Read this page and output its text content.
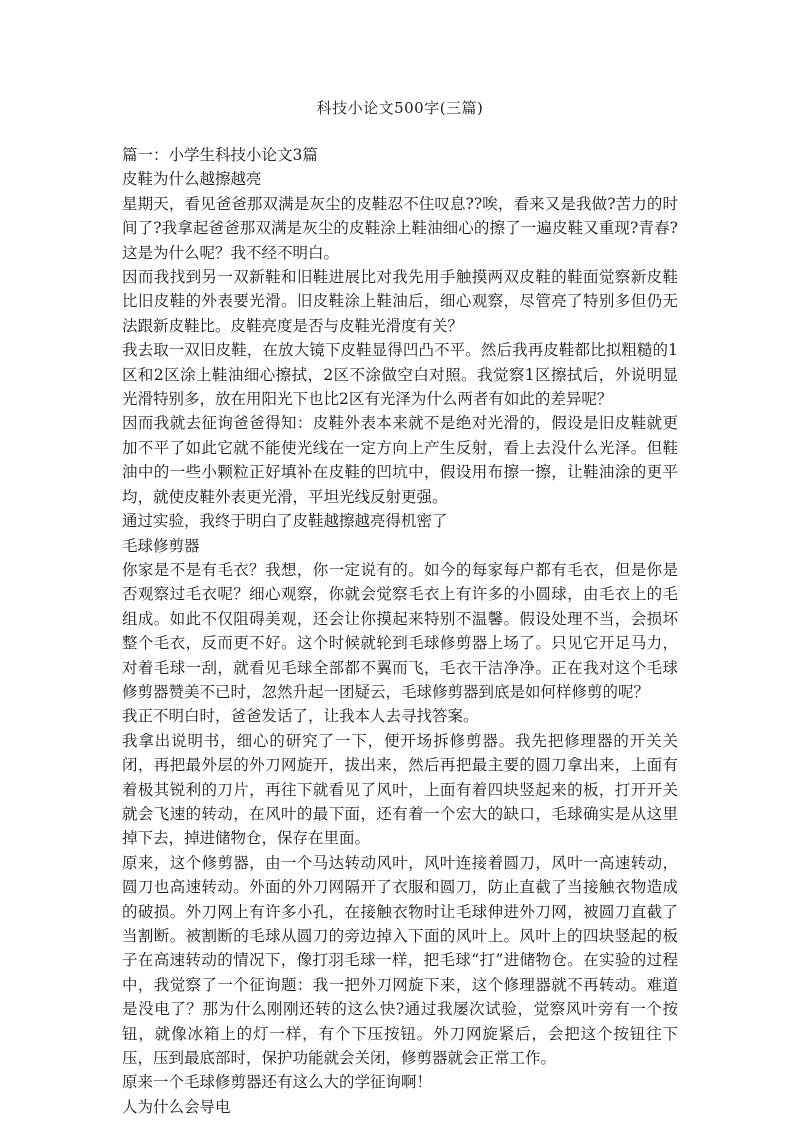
科技小论文500字(三篇)

篇一：小学生科技小论文3篇

皮鞋为什么越擦越亮

星期天，看见爸爸那双满是灰尘的皮鞋忍不住叹息??唉，看来又是我做?苦力的时间了?我拿起爸爸那双满是灰尘的皮鞋涂上鞋油细心的擦了一遍皮鞋又重现?青春?这是为什么呢？我不经不明白。

因而我找到另一双新鞋和旧鞋进展比对我先用手触摸两双皮鞋的鞋面觉察新皮鞋比旧皮鞋的外表要光滑。旧皮鞋涂上鞋油后，细心观察，尽管亮了特别多但仍无法跟新皮鞋比。皮鞋亮度是否与皮鞋光滑度有关？

我去取一双旧皮鞋，在放大镜下皮鞋显得凹凸不平。然后我再皮鞋都比拟粗糙的1区和2区涂上鞋油细心擦拭，2区不涂做空白对照。我觉察1区擦拭后，外说明显光滑特别多，放在用阳光下也比2区有光泽为什么两者有如此的差异呢？

因而我就去征询爸爸得知：皮鞋外表本来就不是绝对光滑的，假设是旧皮鞋就更加不平了如此它就不能使光线在一定方向上产生反射，看上去没什么光泽。但鞋油中的一些小颗粒正好填补在皮鞋的凹坑中，假设用布擦一擦，让鞋油涂的更平均，就使皮鞋外表更光滑，平坦光线反射更强。

通过实验，我终于明白了皮鞋越擦越亮得机密了

毛球修剪器

你家是不是有毛衣？我想，你一定说有的。如今的每家每户都有毛衣，但是你是否观察过毛衣呢？细心观察，你就会觉察毛衣上有许多的小圆球，由毛衣上的毛组成。如此不仅阻碍美观，还会让你摸起来特别不温馨。假设处理不当，会损坏整个毛衣，反而更不好。这个时候就轮到毛球修剪器上场了。只见它开足马力，对着毛球一刮，就看见毛球全部都不翼而飞，毛衣干洁净净。正在我对这个毛球修剪器赞美不已时，忽然升起一团疑云，毛球修剪器到底是如何样修剪的呢？

我正不明白时，爸爸发话了，让我本人去寻找答案。

我拿出说明书，细心的研究了一下，便开场拆修剪器。我先把修理器的开关关闭，再把最外层的外刀网旋开，拔出来，然后再把最主要的圆刀拿出来，上面有着极其锐利的刀片，再往下就看见了风叶，上面有着四块竖起来的板，打开开关就会飞速的转动，在风叶的最下面，还有着一个宏大的缺口，毛球确实是从这里掉下去，掉进储物仓，保存在里面。

原来，这个修剪器，由一个马达转动风叶，风叶连接着圆刀，风叶一高速转动，圆刀也高速转动。外面的外刀网隔开了衣服和圆刀，防止直截了当接触衣物造成的破损。外刀网上有许多小孔，在接触衣物时让毛球伸进外刀网，被圆刀直截了当割断。被割断的毛球从圆刀的旁边掉入下面的风叶上。风叶上的四块竖起的板子在高速转动的情况下，像打羽毛球一样，把毛球“打”进储物仓。在实验的过程中，我觉察了一个征询题：我一把外刀网旋下来，这个修理器就不再转动。难道是没电了？那为什么刚刚还转的这么快?通过我屡次试验，觉察风叶旁有一个按钮，就像冰箱上的灯一样，有个下压按钮。外刀网旋紧后，会把这个按钮往下压，压到最底部时，保护功能就会关闭，修剪器就会正常工作。

原来一个毛球修剪器还有这么大的学征询啊！

人为什么会导电
